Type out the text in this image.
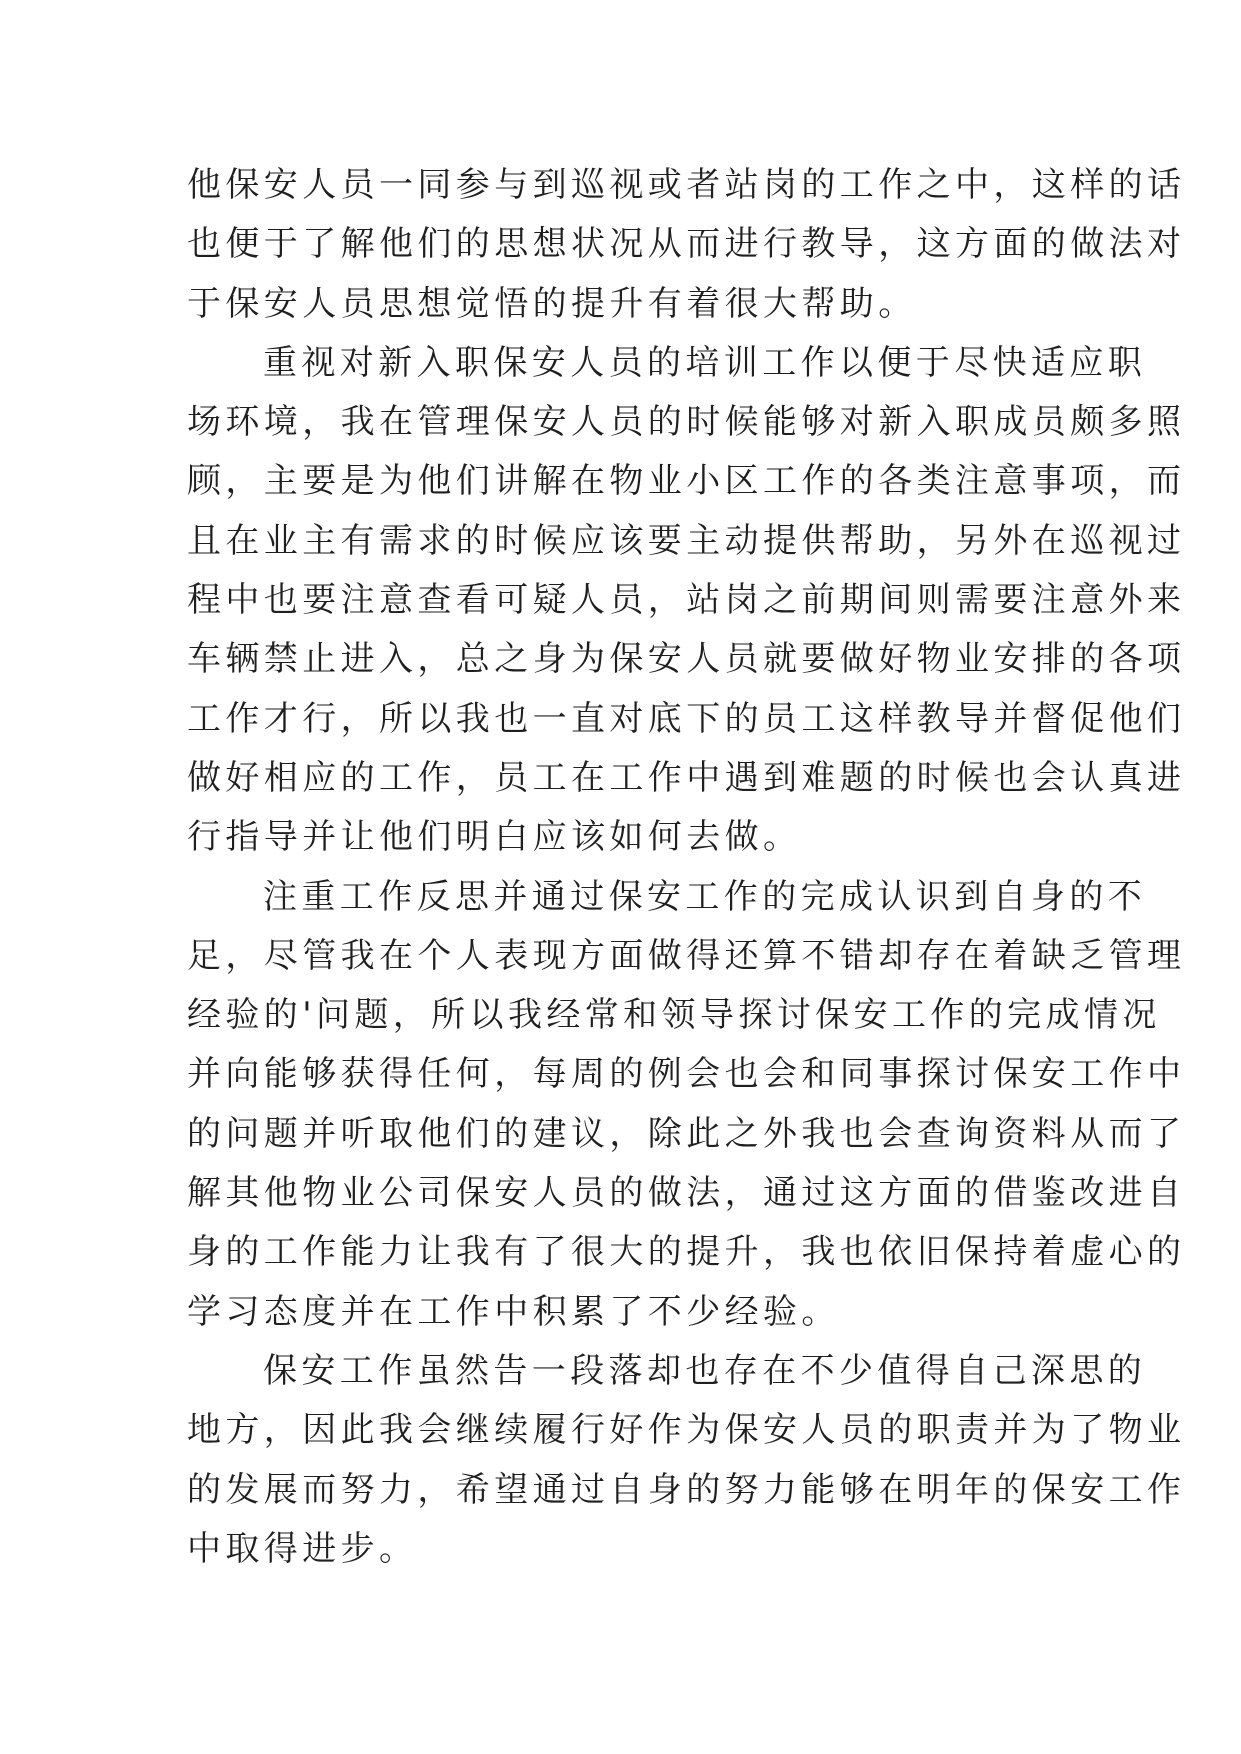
他保安人员一同参与到巡视或者站岗的工作之中，这样的话
也便于了解他们的思想状况从而进行教导，这方面的做法对
于保安人员思想觉悟的提升有着很大帮助。
重视对新入职保安人员的培训工作以便于尽快适应职
场环境，我在管理保安人员的时候能够对新入职成员颇多照
顾，主要是为他们讲解在物业小区工作的各类注意事项，而
且在业主有需求的时候应该要主动提供帮助，另外在巡视过
程中也要注意查看可疑人员，站岗之前期间则需要注意外来
车辆禁止进入，总之身为保安人员就要做好物业安排的各项
工作才行，所以我也一直对底下的员工这样教导并督促他们
做好相应的工作，员工在工作中遇到难题的时候也会认真进
行指导并让他们明白应该如何去做。
注重工作反思并通过保安工作的完成认识到自身的不
足，尽管我在个人表现方面做得还算不错却存在着缺乏管理
经验的'问题，所以我经常和领导探讨保安工作的完成情况
并向能够获得任何，每周的例会也会和同事探讨保安工作中
的问题并听取他们的建议，除此之外我也会查询资料从而了
解其他物业公司保安人员的做法，通过这方面的借鉴改进自
身的工作能力让我有了很大的提升，我也依旧保持着虚心的
学习态度并在工作中积累了不少经验。
保安工作虽然告一段落却也存在不少值得自己深思的
地方，因此我会继续履行好作为保安人员的职责并为了物业
的发展而努力，希望通过自身的努力能够在明年的保安工作
中取得进步。
